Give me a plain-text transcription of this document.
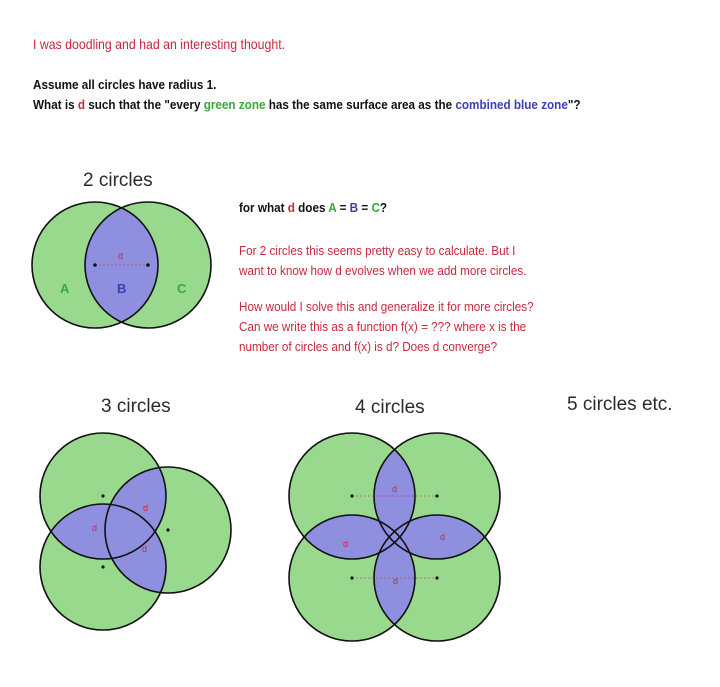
I was doodling and had an interesting thought.
Assume all circles have radius 1.
What is d such that the "every green zone has the same surface area as the combined blue zone"?
2 circles
3 circles	4 circles	5 circles etc.
for what d does A = B = C?
For 2 circles this seems pretty easy to calculate. But I
want to know how d evolves when we add more circles.
How would I solve this and generalize it for more circles?
Can we write this as a function f(x) = ??? where x is the
number of circles and f(x) is d? Does d converge?
d
A	B	C
d
d
d
d
d
d
d
